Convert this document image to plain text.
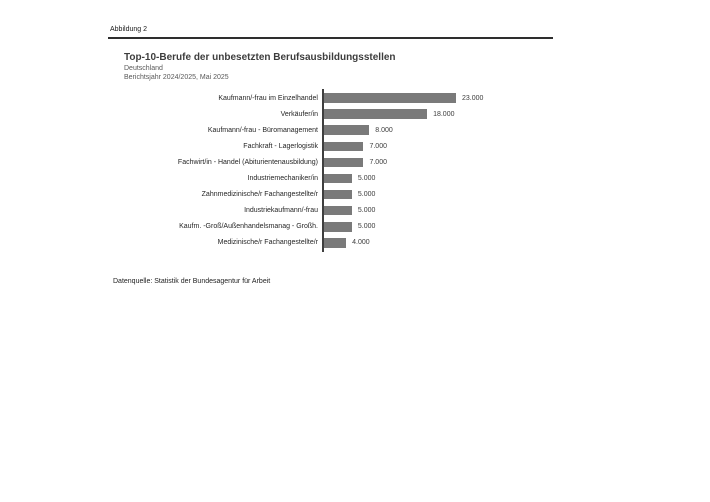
Abbildung 2
Top-10-Berufe der unbesetzten Berufsausbildungsstellen
Deutschland
Berichtsjahr 2024/2025, Mai 2025
Kaufmann/-frau im Einzelhandel	23.000
Verkäufer/in	18.000
Kaufmann/-frau - Büromanagement	8.000
Fachkraft - Lagerlogistik	7.000
Fachwirt/in - Handel (Abiturientenausbildung)	7.000
Industriemechaniker/in	5.000
Zahnmedizinische/r Fachangestellte/r	5.000
Industriekaufmann/-frau	5.000
Kaufm. -Groß/Außenhandelsmanag - Großh.	5.000
Medizinische/r Fachangestellte/r	4.000
Datenquelle: Statistik der Bundesagentur für Arbeit
